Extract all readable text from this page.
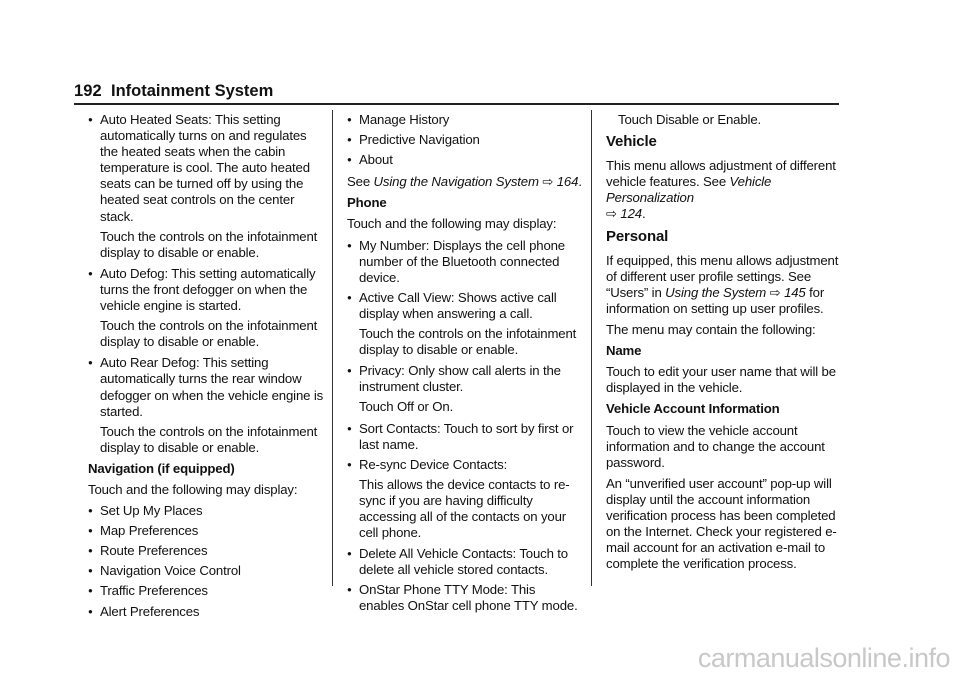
192 Infotainment System
● Auto Heated Seats: This setting automatically turns on and regulates the heated seats when the cabin temperature is cool. The auto heated seats can be turned off by using the heated seat controls on the center stack.

Touch the controls on the infotainment display to disable or enable.

● Auto Defog: This setting automatically turns the front defogger on when the vehicle engine is started.

Touch the controls on the infotainment display to disable or enable.

● Auto Rear Defog: This setting automatically turns the rear window defogger on when the vehicle engine is started.

Touch the controls on the infotainment display to disable or enable.

Navigation (if equipped)

Touch and the following may display:

● Set Up My Places
● Map Preferences
● Route Preferences
● Navigation Voice Control
● Traffic Preferences
● Alert Preferences
● Manage History
● Predictive Navigation
● About

See Using the Navigation System ⇨ 164.

Phone

Touch and the following may display:

● My Number: Displays the cell phone number of the Bluetooth connected device.
● Active Call View: Shows active call display when answering a call.

Touch the controls on the infotainment display to disable or enable.

● Privacy: Only show call alerts in the instrument cluster.

Touch Off or On.

● Sort Contacts: Touch to sort by first or last name.
● Re-sync Device Contacts:

This allows the device contacts to re-sync if you are having difficulty accessing all of the contacts on your cell phone.

● Delete All Vehicle Contacts: Touch to delete all vehicle stored contacts.
● OnStar Phone TTY Mode: This enables OnStar cell phone TTY mode.

Touch Disable or Enable.

Vehicle

This menu allows adjustment of different vehicle features. See Vehicle Personalization
⇨ 124.

Personal

If equipped, this menu allows adjustment of different user profile settings. See “Users” in Using the System ⇨ 145 for information on setting up user profiles.

The menu may contain the following:

Name

Touch to edit your user name that will be displayed in the vehicle.

Vehicle Account Information

Touch to view the vehicle account information and to change the account password.

An “unverified user account” pop-up will display until the account information verification process has been completed on the Internet. Check your registered e-mail account for an activation e-mail to complete the verification process.

carmanualsonline.info
